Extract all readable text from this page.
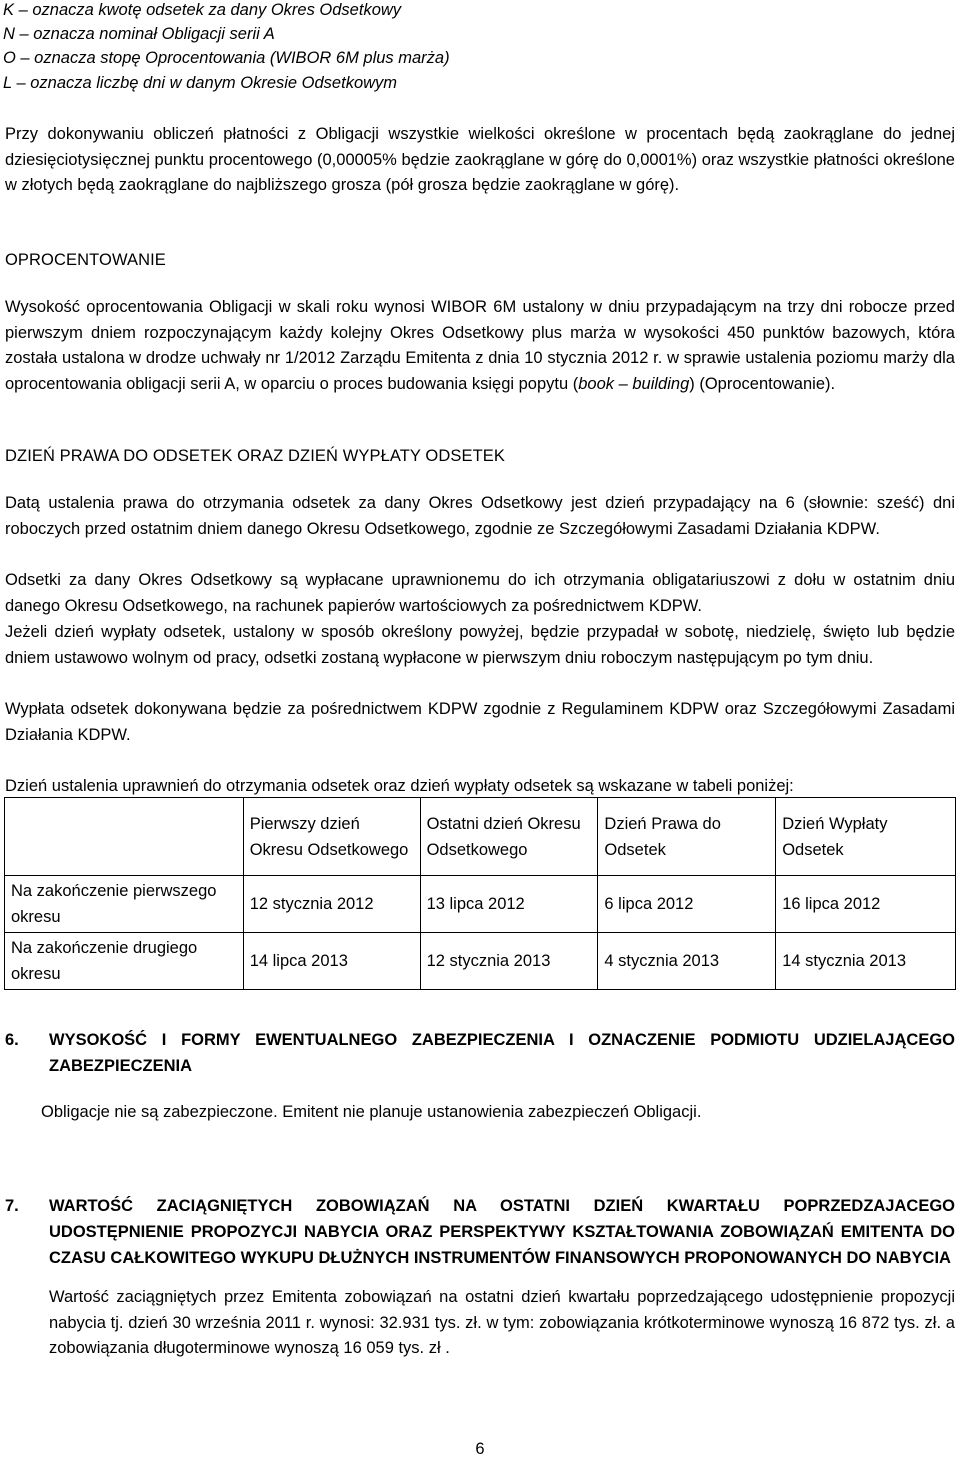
K – oznacza kwotę odsetek za dany Okres Odsetkowy
N – oznacza nominał Obligacji serii A
O – oznacza stopę Oprocentowania (WIBOR 6M plus marża)
L – oznacza liczbę dni w danym Okresie Odsetkowym
Przy dokonywaniu obliczeń płatności z Obligacji wszystkie wielkości określone w procentach będą zaokrąglane do jednej dziesięciotysięcznej punktu procentowego (0,00005% będzie zaokrąglane w górę do 0,0001%) oraz wszystkie płatności określone w złotych będą zaokrąglane do najbliższego grosza (pół grosza będzie zaokrąglane w górę).
OPROCENTOWANIE
Wysokość oprocentowania Obligacji w skali roku wynosi WIBOR 6M ustalony w dniu przypadającym na trzy dni robocze przed pierwszym dniem rozpoczynającym każdy kolejny Okres Odsetkowy plus marża w wysokości 450 punktów bazowych, która została ustalona w drodze uchwały nr 1/2012 Zarządu Emitenta z dnia 10 stycznia 2012 r. w sprawie ustalenia poziomu marży dla oprocentowania obligacji serii A, w oparciu o proces budowania księgi popytu (book – building) (Oprocentowanie).
DZIEŃ PRAWA DO ODSETEK ORAZ DZIEŃ WYPŁATY ODSETEK
Datą ustalenia prawa do otrzymania odsetek za dany Okres Odsetkowy jest dzień przypadający na 6 (słownie: sześć) dni roboczych przed ostatnim dniem danego Okresu Odsetkowego, zgodnie ze Szczegółowymi Zasadami Działania KDPW.
Odsetki za dany Okres Odsetkowy są wypłacane uprawnionemu do ich otrzymania obligatariuszowi z dołu w ostatnim dniu danego Okresu Odsetkowego, na rachunek papierów wartościowych za pośrednictwem KDPW.
Jeżeli dzień wypłaty odsetek, ustalony w sposób określony powyżej, będzie przypadał w sobotę, niedzielę, święto lub będzie dniem ustawowo wolnym od pracy, odsetki zostaną wypłacone w pierwszym dniu roboczym następującym po tym dniu.
Wypłata odsetek dokonywana będzie za pośrednictwem KDPW zgodnie z Regulaminem KDPW oraz Szczegółowymi Zasadami Działania KDPW.
Dzień ustalenia uprawnień do otrzymania odsetek oraz dzień wypłaty odsetek są wskazane w tabeli poniżej:
	Pierwszy dzień Okresu Odsetkowego	Ostatni dzień Okresu Odsetkowego	Dzień Prawa do Odsetek	Dzień Wypłaty Odsetek
Na zakończenie pierwszego okresu	12 stycznia 2012	13 lipca 2012	6 lipca 2012	16 lipca 2012
Na zakończenie drugiego okresu	14 lipca 2013	12 stycznia 2013	4 stycznia 2013	14 stycznia 2013
6. WYSOKOŚĆ I FORMY EWENTUALNEGO ZABEZPIECZENIA I OZNACZENIE PODMIOTU UDZIELAJĄCEGO ZABEZPIECZENIA
Obligacje nie są zabezpieczone. Emitent nie planuje ustanowienia zabezpieczeń Obligacji.
7. WARTOŚĆ ZACIĄGNIĘTYCH ZOBOWIĄZAŃ NA OSTATNI DZIEŃ KWARTAŁU POPRZEDZAJACEGO UDOSTĘPNIENIE PROPOZYCJI NABYCIA ORAZ PERSPEKTYWY KSZTAŁTOWANIA ZOBOWIĄZAŃ EMITENTA DO CZASU CAŁKOWITEGO WYKUPU DŁUŻNYCH INSTRUMENTÓW FINANSOWYCH PROPONOWANYCH DO NABYCIA
Wartość zaciągniętych przez Emitenta zobowiązań na ostatni dzień kwartału poprzedzającego udostępnienie propozycji nabycia tj. dzień 30 września 2011 r. wynosi: 32.931 tys. zł. w tym: zobowiązania krótkoterminowe wynoszą 16 872 tys. zł. a zobowiązania długoterminowe wynoszą 16 059 tys. zł .
6
